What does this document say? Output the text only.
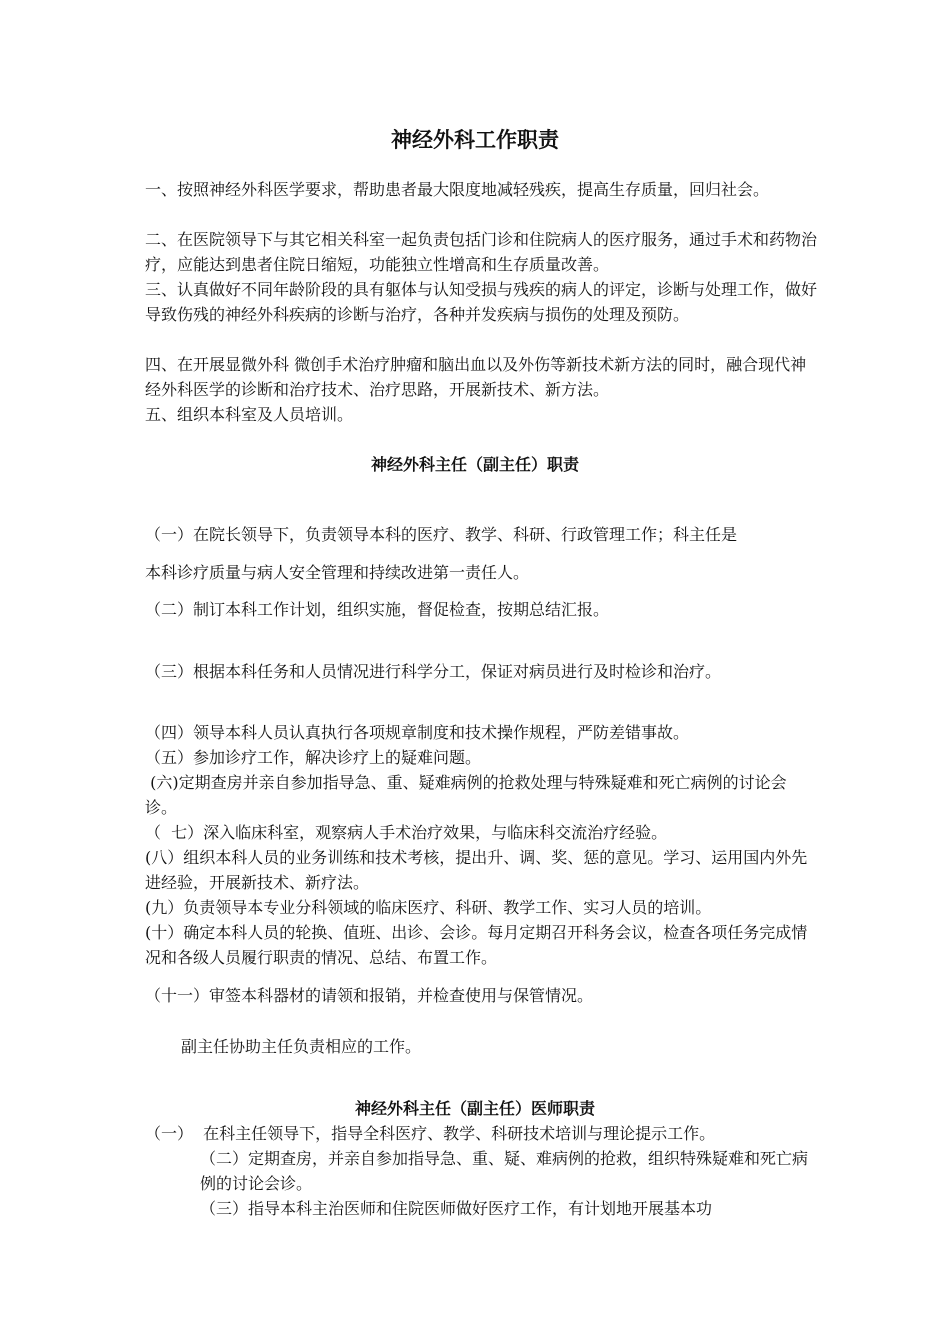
神经外科工作职责

一、按照神经外科医学要求，帮助患者最大限度地减轻残疾，提高生存质量，回归社会。

二、在医院领导下与其它相关科室一起负责包括门诊和住院病人的医疗服务，通过手术和药物治疗，应能达到患者住院日缩短，功能独立性增高和生存质量改善。

三、认真做好不同年龄阶段的具有躯体与认知受损与残疾的病人的评定，诊断与处理工作，做好导致伤残的神经外科疾病的诊断与治疗，各种并发疾病与损伤的处理及预防。

四、在开展显微外科 微创手术治疗肿瘤和脑出血以及外伤等新技术新方法的同时，融合现代神经外科医学的诊断和治疗技术、治疗思路，开展新技术、新方法。

五、组织本科室及人员培训。

神经外科主任（副主任）职责

（一）在院长领导下，负责领导本科的医疗、教学、科研、行政管理工作；科主任是

本科诊疗质量与病人安全管理和持续改进第一责任人。

（二）制订本科工作计划，组织实施，督促检查，按期总结汇报。

（三）根据本科任务和人员情况进行科学分工，保证对病员进行及时检诊和治疗。

（四）领导本科人员认真执行各项规章制度和技术操作规程，严防差错事故。

（五）参加诊疗工作，解决诊疗上的疑难问题。

(六)定期查房并亲自参加指导急、重、疑难病例的抢救处理与特殊疑难和死亡病例的讨论会诊。

（  七）深入临床科室，观察病人手术治疗效果，与临床科交流治疗经验。

(八）组织本科人员的业务训练和技术考核，提出升、调、奖、惩的意见。学习、运用国内外先进经验，开展新技术、新疗法。

(九）负责领导本专业分科领域的临床医疗、科研、教学工作、实习人员的培训。

(十）确定本科人员的轮换、值班、出诊、会诊。每月定期召开科务会议，检查各项任务完成情况和各级人员履行职责的情况、总结、布置工作。

（十一）审签本科器材的请领和报销，并检查使用与保管情况。

副主任协助主任负责相应的工作。

神经外科主任（副主任）医师职责

（一）  在科主任领导下，指导全科医疗、教学、科研技术培训与理论提示工作。

（二）定期查房，并亲自参加指导急、重、疑、难病例的抢救，组织特殊疑难和死亡病例的讨论会诊。

（三）指导本科主治医师和住院医师做好医疗工作，有计划地开展基本功
